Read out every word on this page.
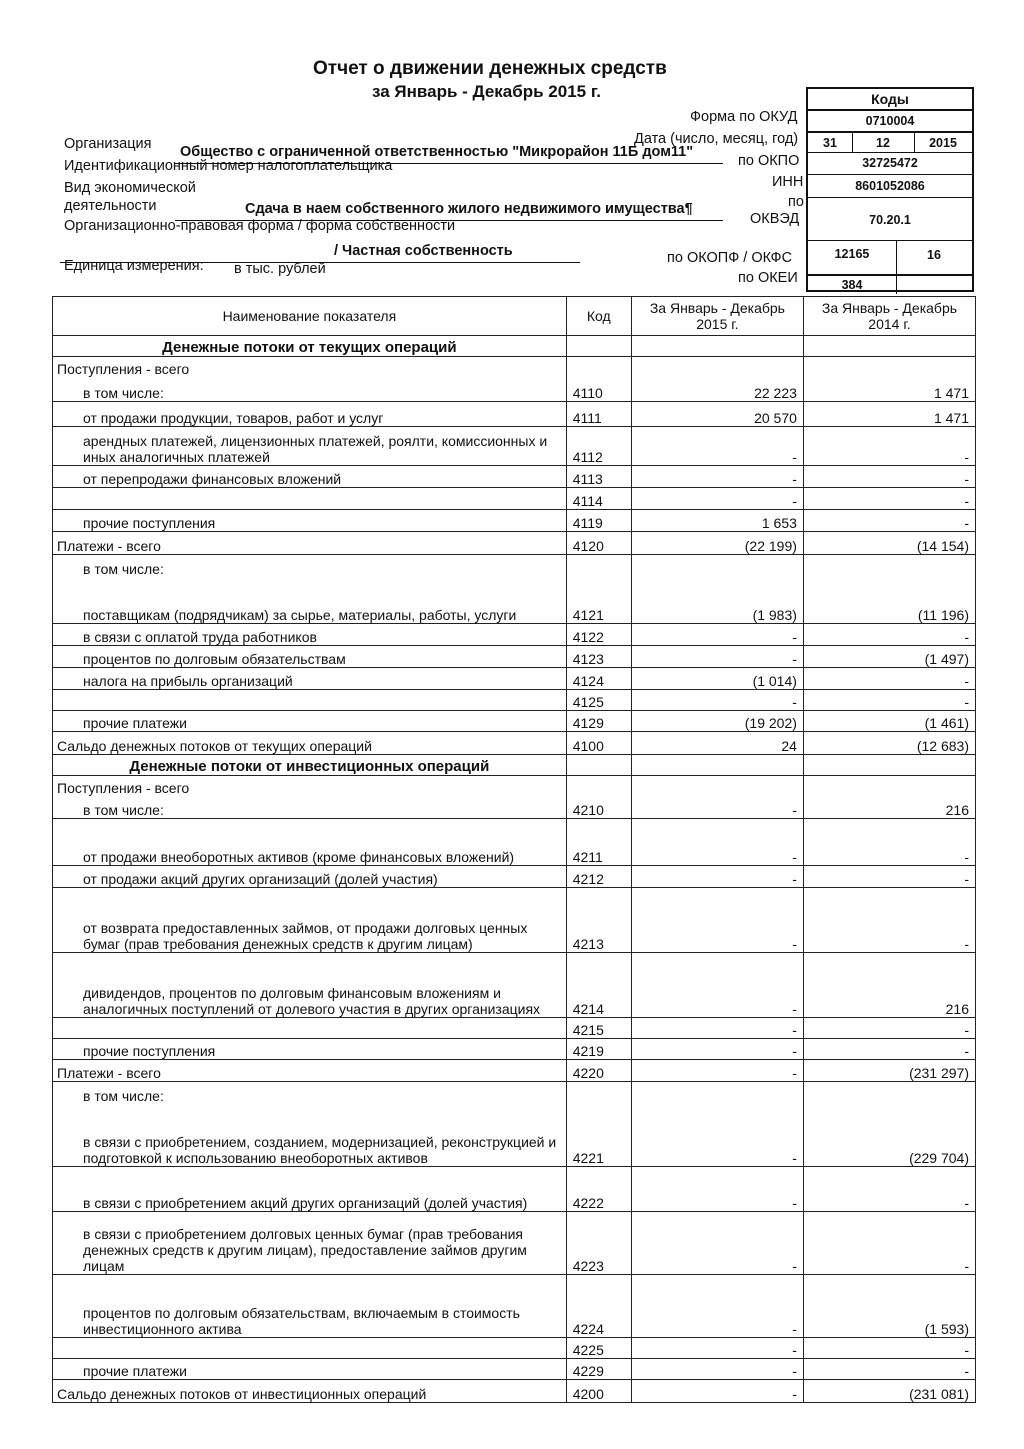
Отчет о движении денежных средств
за Январь - Декабрь 2015 г.
Форма по ОКУД
Дата (число, месяц, год)
Организация Общество с ограниченной ответственностью "Микрорайон 11Б дом11"
по ОКПО
Идентификационный номер налогоплательщика
ИНН
Вид экономической
деятельности	Сдача в наем собственного жилого недвижимого имущества¶	по
ОКВЭД
Организационно-правовая форма / форма собственности
/ Частная собственность	по ОКОПФ / ОКФС
Единица измерения: в тыс. рублей
по ОКЕИ
Коды
0710004
31	12	2015
32725472
8601052086
70.20.1
12165	16
384
Наименование показателя	Код	За Январь - Декабрь 2015 г.	За Январь - Декабрь 2014 г.
Денежные потоки от текущих операций			
Поступления - всего			
в том числе:	4110	22 223	1 471
от продажи продукции, товаров, работ и услуг	4111	20 570	1 471
арендных платежей, лицензионных платежей, роялти, комиссионных и иных аналогичных платежей	4112	-	-
от перепродажи финансовых вложений	4113	-	-
	4114	-	-
прочие поступления	4119	1 653	-
Платежи - всего	4120	(22 199)	(14 154)
в том числе:			
поставщикам (подрядчикам) за сырье, материалы, работы, услуги	4121	(1 983)	(11 196)
в связи с оплатой труда работников	4122	-	-
процентов по долговым обязательствам	4123	-	(1 497)
налога на прибыль организаций	4124	(1 014)	-
	4125	-	-
прочие платежи	4129	(19 202)	(1 461)
Сальдо денежных потоков от текущих операций	4100	24	(12 683)
Денежные потоки от инвестиционных операций			
Поступления - всего			
в том числе:	4210	-	216
от продажи внеоборотных активов (кроме финансовых вложений)	4211	-	-
от продажи акций других организаций (долей участия)	4212	-	-
от возврата предоставленных займов, от продажи долговых ценных бумаг (прав требования денежных средств к другим лицам)	4213	-	-
дивидендов, процентов по долговым финансовым вложениям и аналогичных поступлений от долевого участия в других организациях	4214	-	216
	4215	-	-
прочие поступления	4219	-	-
Платежи - всего	4220	-	(231 297)
в том числе:			
в связи с приобретением, созданием, модернизацией, реконструкцией и подготовкой к использованию внеоборотных активов	4221	-	(229 704)
в связи с приобретением акций других организаций (долей участия)	4222	-	-
в связи с приобретением долговых ценных бумаг (прав требования денежных средств к другим лицам), предоставление займов другим лицам	4223	-	-
процентов по долговым обязательствам, включаемым в стоимость инвестиционного актива	4224	-	(1 593)
	4225	-	-
прочие платежи	4229	-	-
Сальдо денежных потоков от инвестиционных операций	4200	-	(231 081)
